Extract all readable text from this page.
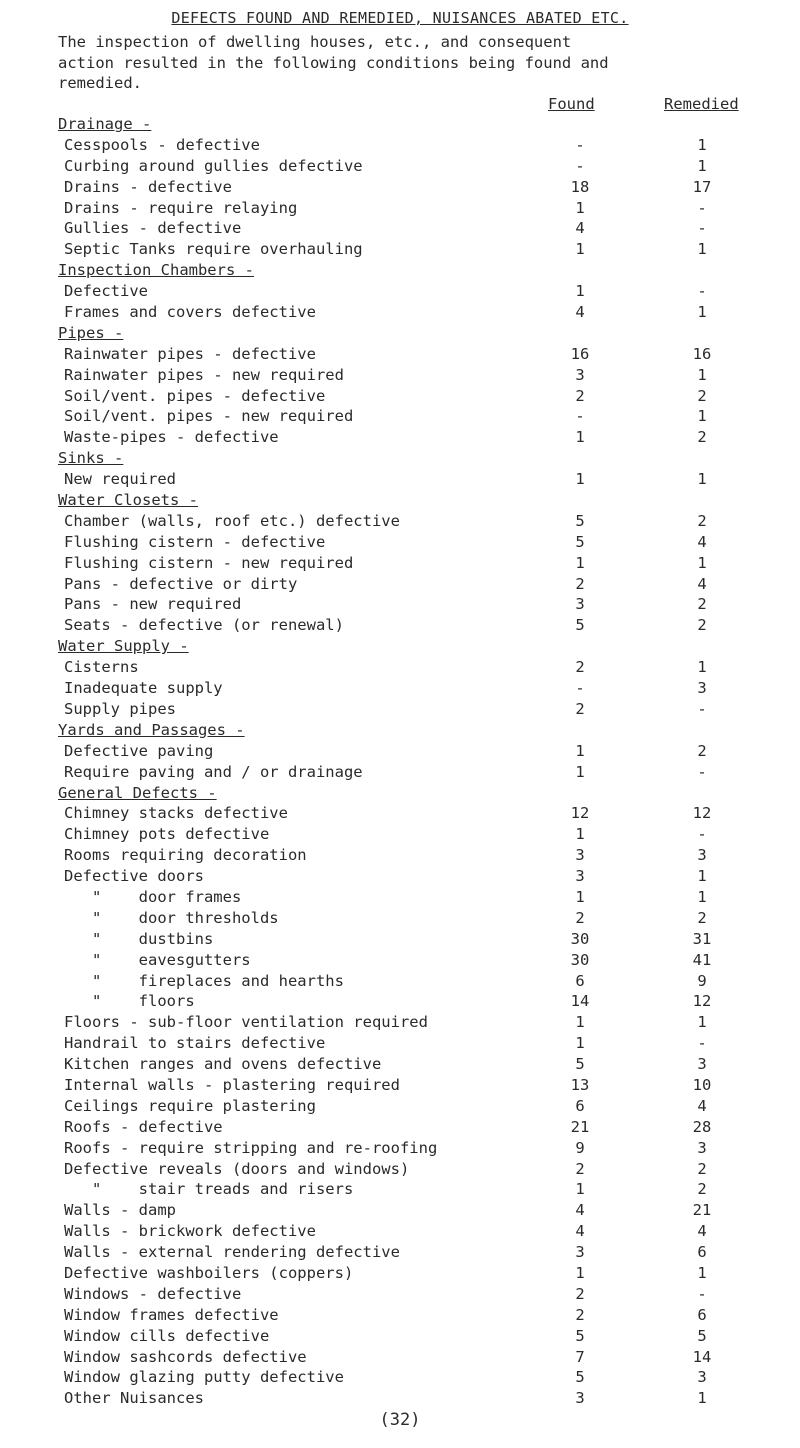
DEFECTS FOUND AND REMEDIED, NUISANCES ABATED ETC.
The inspection of dwelling houses, etc., and consequent
action resulted in the following conditions being found and
remedied.
Found	Remedied
Drainage -
Cesspools - defective	-	1
Curbing around gullies defective	-	1
Drains - defective	18	17
Drains - require relaying	1	-
Gullies - defective	4	-
Septic Tanks require overhauling	1	1
Inspection Chambers -
Defective	1	-
Frames and covers defective	4	1
Pipes -
Rainwater pipes - defective	16	16
Rainwater pipes - new required	3	1
Soil/vent. pipes - defective	2	2
Soil/vent. pipes - new required	-	1
Waste-pipes - defective	1	2
Sinks -
New required	1	1
Water Closets -
Chamber (walls, roof etc.) defective	5	2
Flushing cistern - defective	5	4
Flushing cistern - new required	1	1
Pans - defective or dirty	2	4
Pans - new required	3	2
Seats - defective (or renewal)	5	2
Water Supply -
Cisterns	2	1
Inadequate supply	-	3
Supply pipes	2	-
Yards and Passages -
Defective paving	1	2
Require paving and / or drainage	1	-
General Defects -
Chimney stacks defective	12	12
Chimney pots defective	1	-
Rooms requiring decoration	3	3
Defective doors	3	1
"    door frames	1	1
"    door thresholds	2	2
"    dustbins	30	31
"    eavesgutters	30	41
"    fireplaces and hearths	6	9
"    floors	14	12
Floors - sub-floor ventilation required	1	1
Handrail to stairs defective	1	-
Kitchen ranges and ovens defective	5	3
Internal walls - plastering required	13	10
Ceilings require plastering	6	4
Roofs - defective	21	28
Roofs - require stripping and re-roofing	9	3
Defective reveals (doors and windows)	2	2
"    stair treads and risers	1	2
Walls - damp	4	21
Walls - brickwork defective	4	4
Walls - external rendering defective	3	6
Defective washboilers (coppers)	1	1
Windows - defective	2	-
Window frames defective	2	6
Window cills defective	5	5
Window sashcords defective	7	14
Window glazing putty defective	5	3
Other Nuisances	3	1
(32)
